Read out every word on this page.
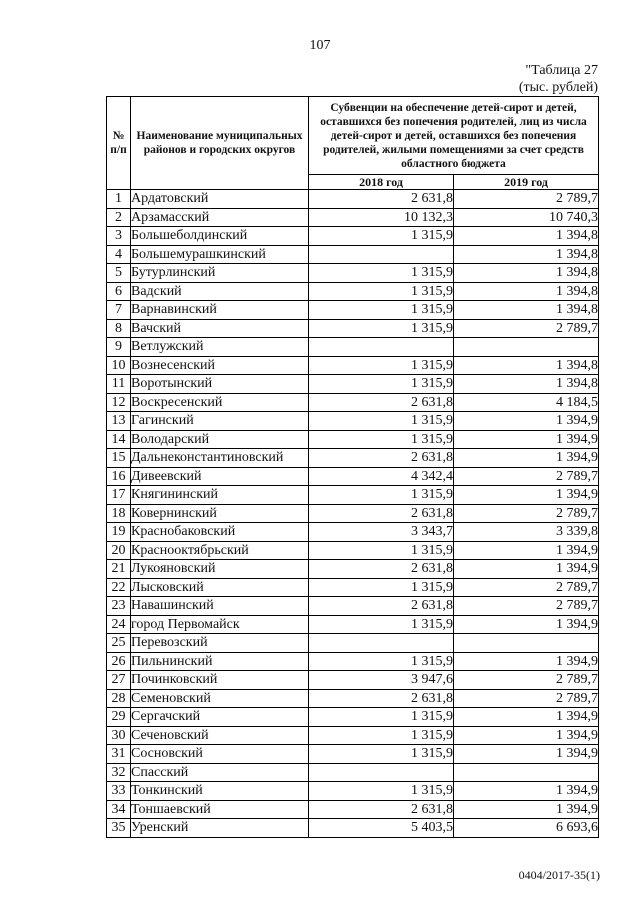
107
"Таблица 27
(тыс. рублей)
№ п/п	Наименование муниципальных районов и городских округов	Субвенции на обеспечение детей-сирот и детей, оставшихся без попечения родителей, лиц из числа детей-сирот и детей, оставшихся без попечения родителей, жилыми помещениями за счет средств областного бюджета	
		2018 год	2019 год
1	Ардатовский	2 631,8	2 789,7
2	Арзамасский	10 132,3	10 740,3
3	Большеболдинский	1 315,9	1 394,8
4	Большемурашкинский		1 394,8
5	Бутурлинский	1 315,9	1 394,8
6	Вадский	1 315,9	1 394,8
7	Варнавинский	1 315,9	1 394,8
8	Вачский	1 315,9	2 789,7
9	Ветлужский		
10	Вознесенский	1 315,9	1 394,8
11	Воротынский	1 315,9	1 394,8
12	Воскресенский	2 631,8	4 184,5
13	Гагинский	1 315,9	1 394,9
14	Володарский	1 315,9	1 394,9
15	Дальнеконстантиновский	2 631,8	1 394,9
16	Дивеевский	4 342,4	2 789,7
17	Княгининский	1 315,9	1 394,9
18	Ковернинский	2 631,8	2 789,7
19	Краснобаковский	3 343,7	3 339,8
20	Краснооктябрьский	1 315,9	1 394,9
21	Лукояновский	2 631,8	1 394,9
22	Лысковский	1 315,9	2 789,7
23	Навашинский	2 631,8	2 789,7
24	город Первомайск	1 315,9	1 394,9
25	Перевозский		
26	Пильнинский	1 315,9	1 394,9
27	Починковский	3 947,6	2 789,7
28	Семеновский	2 631,8	2 789,7
29	Сергачский	1 315,9	1 394,9
30	Сеченовский	1 315,9	1 394,9
31	Сосновский	1 315,9	1 394,9
32	Спасский		
33	Тонкинский	1 315,9	1 394,9
34	Тоншаевский	2 631,8	1 394,9
35	Уренский	5 403,5	6 693,6
0404/2017-35(1)
